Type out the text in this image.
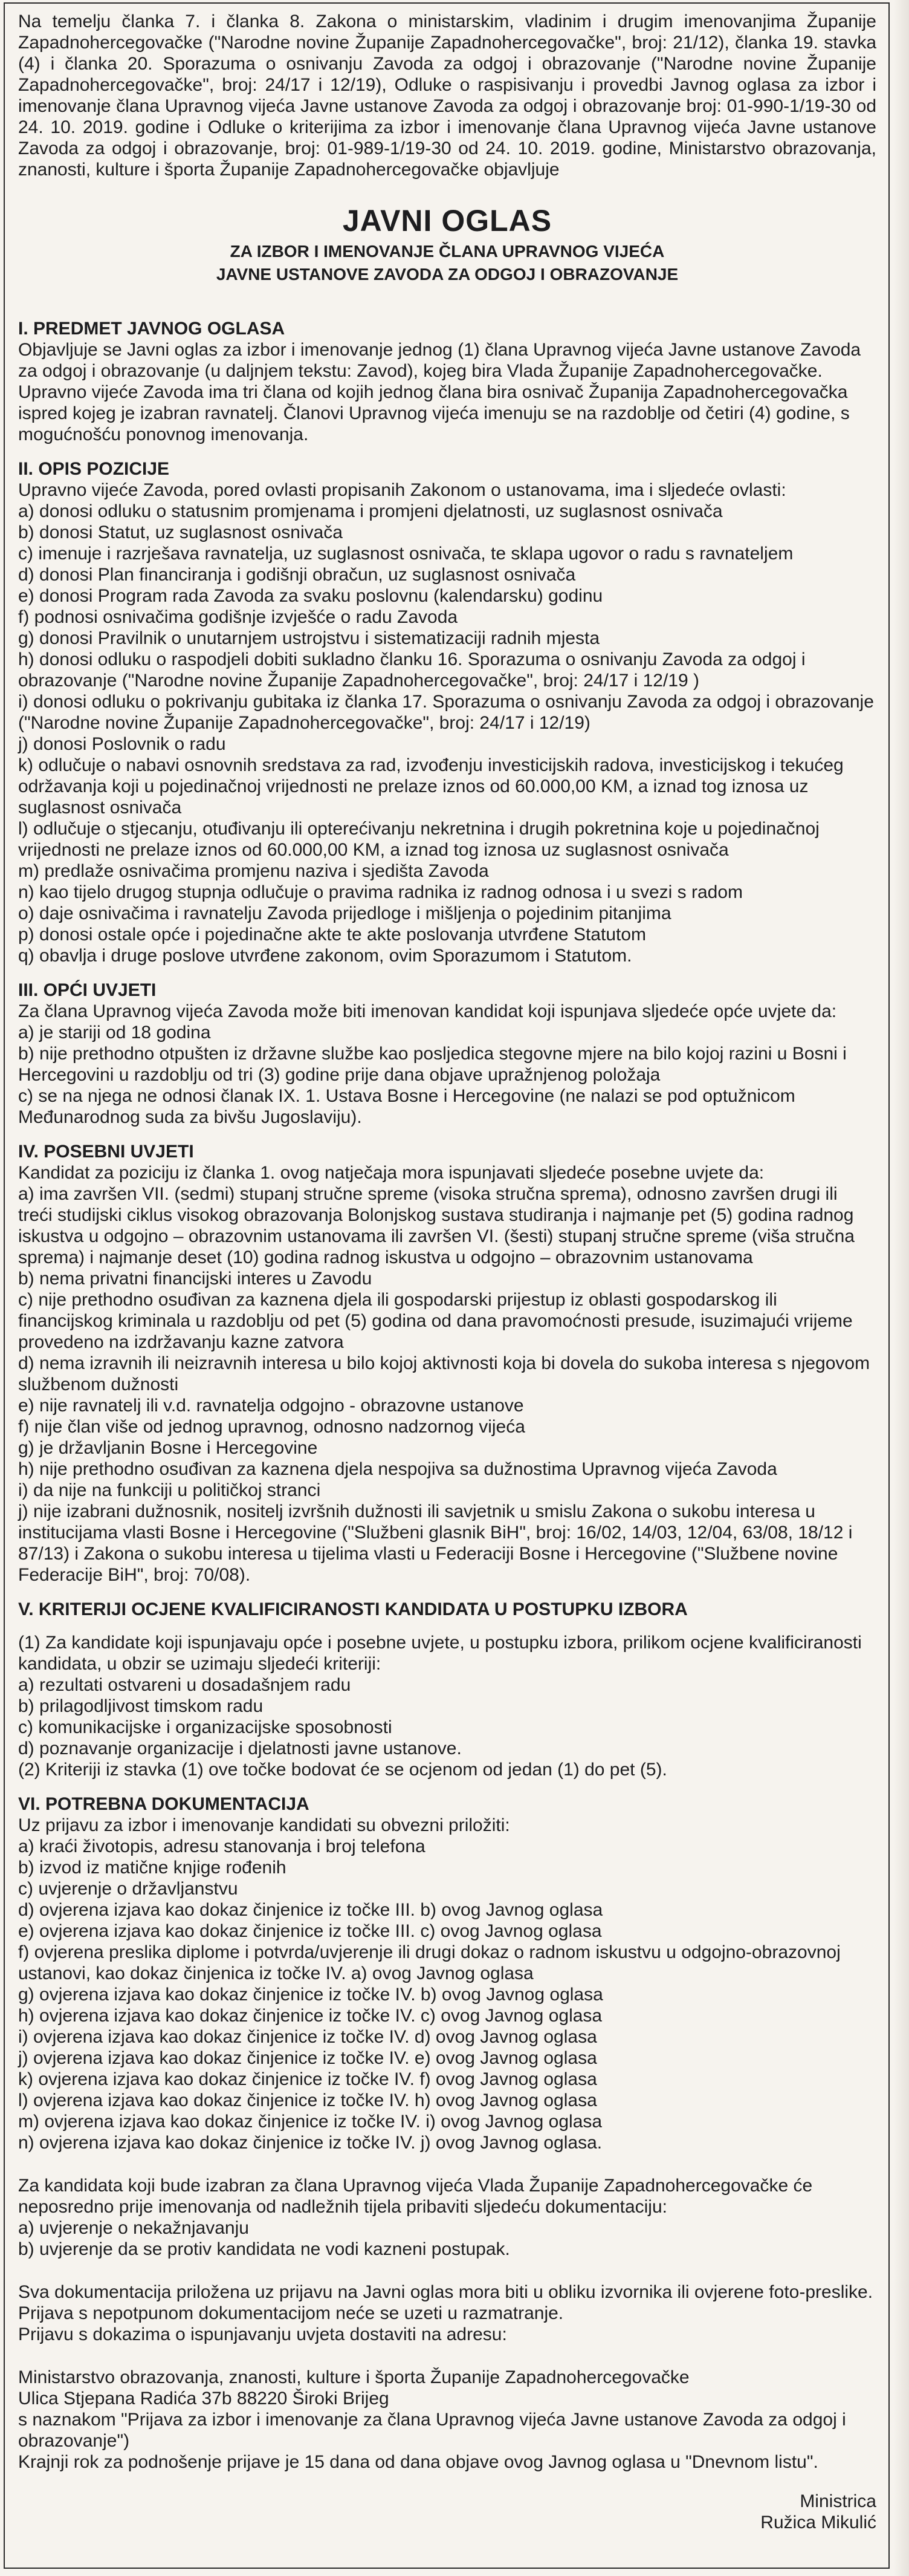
Na temelju članka 7. i članka 8. Zakona o ministarskim, vladinim i drugim imenovanjima Županije Zapadnohercegovačke ("Narodne novine Županije Zapadnohercegovačke", broj: 21/12), članka 19. stavka (4) i članka 20. Sporazuma o osnivanju Zavoda za odgoj i obrazovanje ("Narodne novine Županije Zapadnohercegovačke", broj: 24/17 i 12/19), Odluke o raspisivanju i provedbi Javnog oglasa za izbor i imenovanje člana Upravnog vijeća Javne ustanove Zavoda za odgoj i obrazovanje broj: 01-990-1/19-30 od 24. 10. 2019. godine i Odluke o kriterijima za izbor i imenovanje člana Upravnog vijeća Javne ustanove Zavoda za odgoj i obrazovanje, broj: 01-989-1/19-30 od 24. 10. 2019. godine, Ministarstvo obrazovanja, znanosti, kulture i športa Županije Zapadnohercegovačke objavljuje

JAVNI OGLAS

ZA IZBOR I IMENOVANJE ČLANA UPRAVNOG VIJEĆA

JAVNE USTANOVE ZAVODA ZA ODGOJ I OBRAZOVANJE

I. PREDMET JAVNOG OGLASA

Objavljuje se Javni oglas za izbor i imenovanje jednog (1) člana Upravnog vijeća Javne ustanove Zavoda za odgoj i obrazovanje (u daljnjem tekstu: Zavod), kojeg bira Vlada Županije Zapadnohercegovačke. Upravno vijeće Zavoda ima tri člana od kojih jednog člana bira osnivač Županija Zapadnohercegovačka ispred kojeg je izabran ravnatelj. Članovi Upravnog vijeća imenuju se na razdoblje od četiri (4) godine, s mogućnošću ponovnog imenovanja.

II. OPIS POZICIJE

Upravno vijeće Zavoda, pored ovlasti propisanih Zakonom o ustanovama, ima i sljedeće ovlasti:

a) donosi odluku o statusnim promjenama i promjeni djelatnosti, uz suglasnost osnivača

b) donosi Statut, uz suglasnost osnivača

c) imenuje i razrješava ravnatelja, uz suglasnost osnivača, te sklapa ugovor o radu s ravnateljem

d) donosi Plan financiranja i godišnji obračun, uz suglasnost osnivača

e) donosi Program rada Zavoda za svaku poslovnu (kalendarsku) godinu

f) podnosi osnivačima godišnje izvješće o radu Zavoda

g) donosi Pravilnik o unutarnjem ustrojstvu i sistematizaciji radnih mjesta

h) donosi odluku o raspodjeli dobiti sukladno članku 16. Sporazuma o osnivanju Zavoda za odgoj i obrazovanje ("Narodne novine Županije Zapadnohercegovačke", broj: 24/17 i 12/19 )

i) donosi odluku o pokrivanju gubitaka iz članka 17. Sporazuma o osnivanju Zavoda za odgoj i obrazovanje ("Narodne novine Županije Zapadnohercegovačke", broj: 24/17 i 12/19)

j) donosi Poslovnik o radu

k) odlučuje o nabavi osnovnih sredstava za rad, izvođenju investicijskih radova, investicijskog i tekućeg održavanja koji u pojedinačnoj vrijednosti ne prelaze iznos od 60.000,00 KM, a iznad tog iznosa uz suglasnost osnivača

l) odlučuje o stjecanju, otuđivanju ili opterećivanju nekretnina i drugih pokretnina koje u pojedinačnoj vrijednosti ne prelaze iznos od 60.000,00 KM, a iznad tog iznosa uz suglasnost osnivača

m) predlaže osnivačima promjenu naziva i sjedišta Zavoda

n) kao tijelo drugog stupnja odlučuje o pravima radnika iz radnog odnosa i u svezi s radom

o) daje osnivačima i ravnatelju Zavoda prijedloge i mišljenja o pojedinim pitanjima

p) donosi ostale opće i pojedinačne akte te akte poslovanja utvrđene Statutom

q) obavlja i druge poslove utvrđene zakonom, ovim Sporazumom i Statutom.

III. OPĆI UVJETI

Za člana Upravnog vijeća Zavoda može biti imenovan kandidat koji ispunjava sljedeće opće uvjete da:

a) je stariji od 18 godina

b) nije prethodno otpušten iz državne službe kao posljedica stegovne mjere na bilo kojoj razini u Bosni i Hercegovini u razdoblju od tri (3) godine prije dana objave upražnjenog položaja

c) se na njega ne odnosi članak IX. 1. Ustava Bosne i Hercegovine (ne nalazi se pod optužnicom Međunarodnog suda za bivšu Jugoslaviju).

IV. POSEBNI UVJETI

Kandidat za poziciju iz članka 1. ovog natječaja mora ispunjavati sljedeće posebne uvjete da:

a) ima završen VII. (sedmi) stupanj stručne spreme (visoka stručna sprema), odnosno završen drugi ili treći studijski ciklus visokog obrazovanja Bolonjskog sustava studiranja i najmanje pet (5) godina radnog iskustva u odgojno – obrazovnim ustanovama ili završen VI. (šesti) stupanj stručne spreme (viša stručna sprema) i najmanje deset (10) godina radnog iskustva u odgojno – obrazovnim ustanovama

b) nema privatni financijski interes u Zavodu

c) nije prethodno osuđivan za kaznena djela ili gospodarski prijestup iz oblasti gospodarskog ili financijskog kriminala u razdoblju od pet (5) godina od dana pravomoćnosti presude, isuzimajući vrijeme provedeno na izdržavanju kazne zatvora

d) nema izravnih ili neizravnih interesa u bilo kojoj aktivnosti koja bi dovela do sukoba interesa s njegovom službenom dužnosti

e) nije ravnatelj ili v.d. ravnatelja odgojno - obrazovne ustanove

f) nije član više od jednog upravnog, odnosno nadzornog vijeća

g) je državljanin Bosne i Hercegovine

h) nije prethodno osuđivan za kaznena djela nespojiva sa dužnostima Upravnog vijeća Zavoda

i) da nije na funkciji u političkoj stranci

j) nije izabrani dužnosnik, nositelj izvršnih dužnosti ili savjetnik u smislu Zakona o sukobu interesa u institucijama vlasti Bosne i Hercegovine ("Službeni glasnik BiH", broj: 16/02, 14/03, 12/04, 63/08, 18/12 i 87/13) i Zakona o sukobu interesa u tijelima vlasti u Federaciji Bosne i Hercegovine ("Službene novine Federacije BiH", broj: 70/08).

V. KRITERIJI OCJENE KVALIFICIRANOSTI KANDIDATA U POSTUPKU IZBORA

(1) Za kandidate koji ispunjavaju opće i posebne uvjete, u postupku izbora, prilikom ocjene kvalificiranosti kandidata, u obzir se uzimaju sljedeći kriteriji:

a) rezultati ostvareni u dosadašnjem radu

b) prilagodljivost timskom radu

c) komunikacijske i organizacijske sposobnosti

d) poznavanje organizacije i djelatnosti javne ustanove.

(2) Kriteriji iz stavka (1) ove točke bodovat će se ocjenom od jedan (1) do pet (5).

VI. POTREBNA DOKUMENTACIJA

Uz prijavu za izbor i imenovanje kandidati su obvezni priložiti:

a) kraći životopis, adresu stanovanja i broj telefona

b) izvod iz matične knjige rođenih

c) uvjerenje o državljanstvu

d) ovjerena izjava kao dokaz činjenice iz točke III. b) ovog Javnog oglasa

e) ovjerena izjava kao dokaz činjenice iz točke III. c) ovog Javnog oglasa

f) ovjerena preslika diplome i potvrda/uvjerenje ili drugi dokaz o radnom iskustvu u odgojno-obrazovnoj ustanovi, kao dokaz činjenica iz točke IV. a) ovog Javnog oglasa

g) ovjerena izjava kao dokaz činjenice iz točke IV. b) ovog Javnog oglasa

h) ovjerena izjava kao dokaz činjenice iz točke IV. c) ovog Javnog oglasa

i) ovjerena izjava kao dokaz činjenice iz točke IV. d) ovog Javnog oglasa

j) ovjerena izjava kao dokaz činjenice iz točke IV. e) ovog Javnog oglasa

k) ovjerena izjava kao dokaz činjenice iz točke IV. f) ovog Javnog oglasa

l) ovjerena izjava kao dokaz činjenice iz točke IV. h) ovog Javnog oglasa

m) ovjerena izjava kao dokaz činjenice iz točke IV. i) ovog Javnog oglasa

n) ovjerena izjava kao dokaz činjenice iz točke IV. j) ovog Javnog oglasa.

Za kandidata koji bude izabran za člana Upravnog vijeća Vlada Županije Zapadnohercegovačke će neposredno prije imenovanja od nadležnih tijela pribaviti sljedeću dokumentaciju:

a) uvjerenje o nekažnjavanju

b) uvjerenje da se protiv kandidata ne vodi kazneni postupak.

Sva dokumentacija priložena uz prijavu na Javni oglas mora biti u obliku izvornika ili ovjerene foto-preslike.

Prijava s nepotpunom dokumentacijom neće se uzeti u razmatranje.

Prijavu s dokazima o ispunjavanju uvjeta dostaviti na adresu:

Ministarstvo obrazovanja, znanosti, kulture i športa Županije Zapadnohercegovačke

Ulica Stjepana Radića 37b 88220 Široki Brijeg

s naznakom "Prijava za izbor i imenovanje za člana Upravnog vijeća Javne ustanove Zavoda za odgoj i obrazovanje")

Krajnji rok za podnošenje prijave je 15 dana od dana objave ovog Javnog oglasa u "Dnevnom listu".

Ministrica

Ružica Mikulić
